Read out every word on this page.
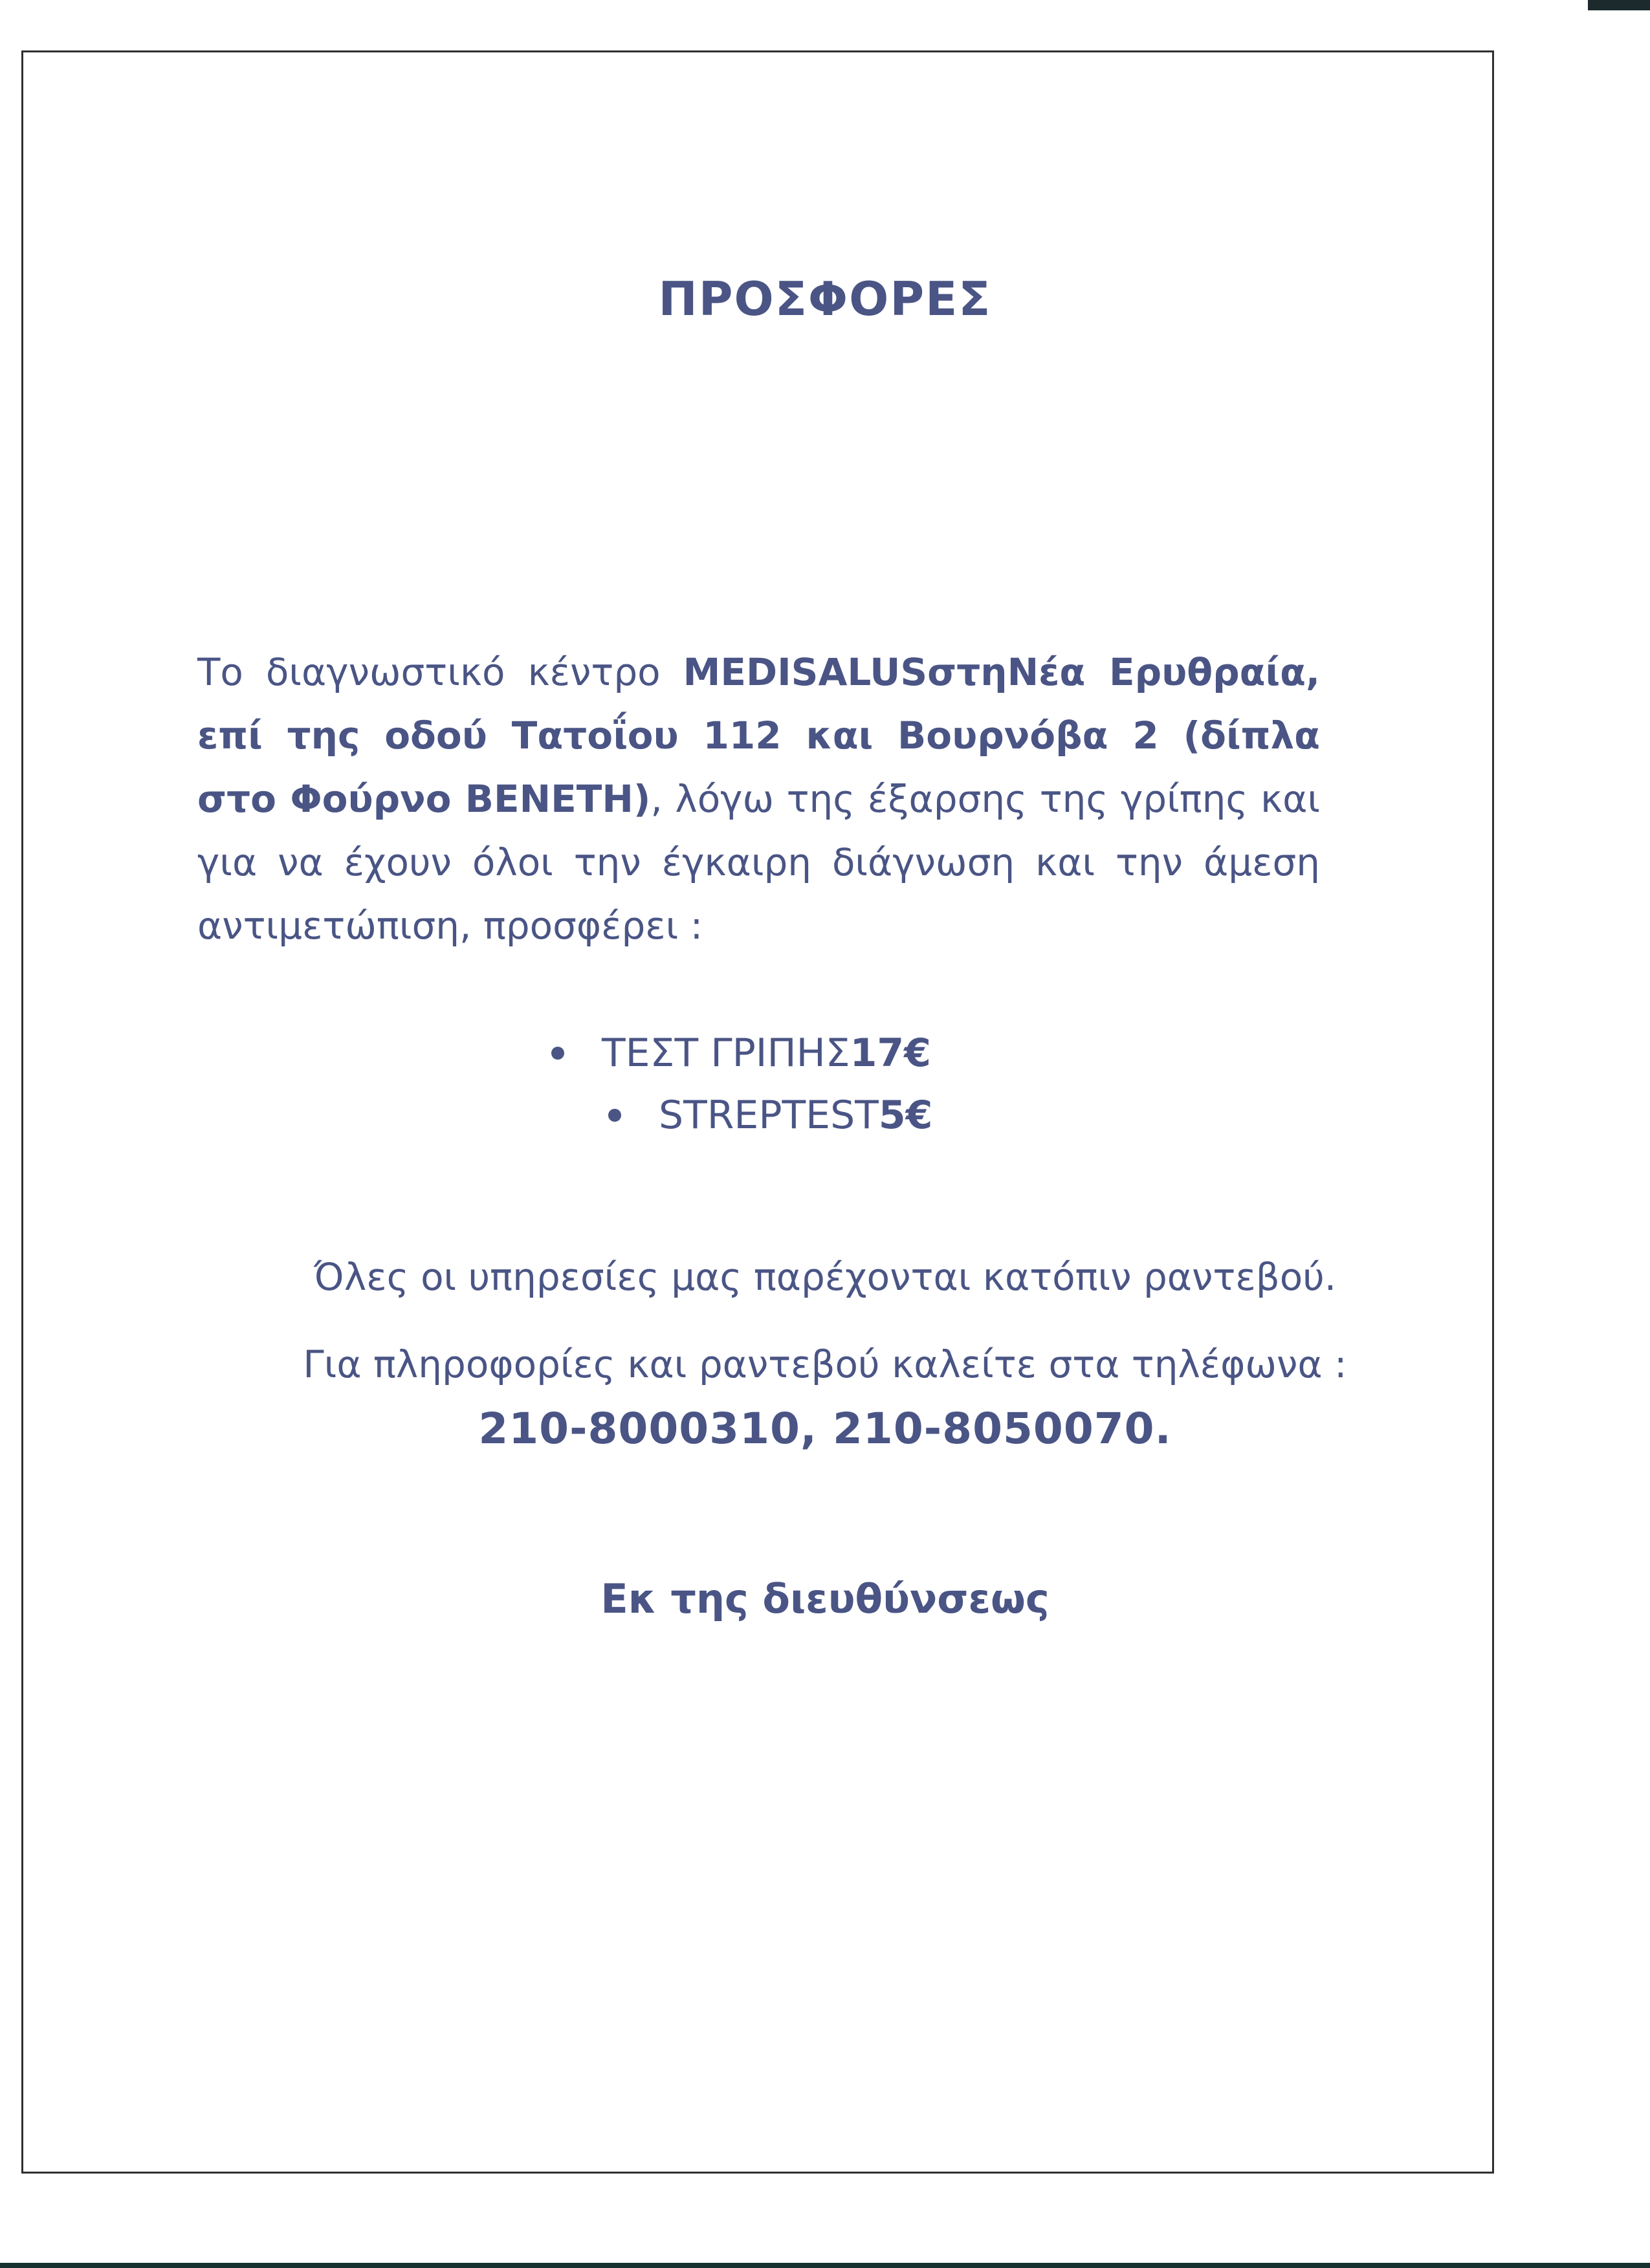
ΠΡΟΣΦΟΡΕΣ

Το διαγνωστικό κέντρο MEDISALUSστηΝέα Ερυθραία, επί της οδού Τατοΐου 112 και Βουρνόβα 2 (δίπλα στο Φούρνο BENETH), λόγω της έξαρσης της γρίπης και για να έχουν όλοι την έγκαιρη διάγνωση και την άμεση αντιμετώπιση, προσφέρει :

ΤΕΣΤ ΓΡΙΠΗΣ 17€
STREPTEST 5€
Όλες οι υπηρεσίες μας παρέχονται κατόπιν ραντεβού.
Για πληροφορίες και ραντεβού καλείτε στα τηλέφωνα :
210-8000310, 210-8050070.
Εκ της διευθύνσεως
